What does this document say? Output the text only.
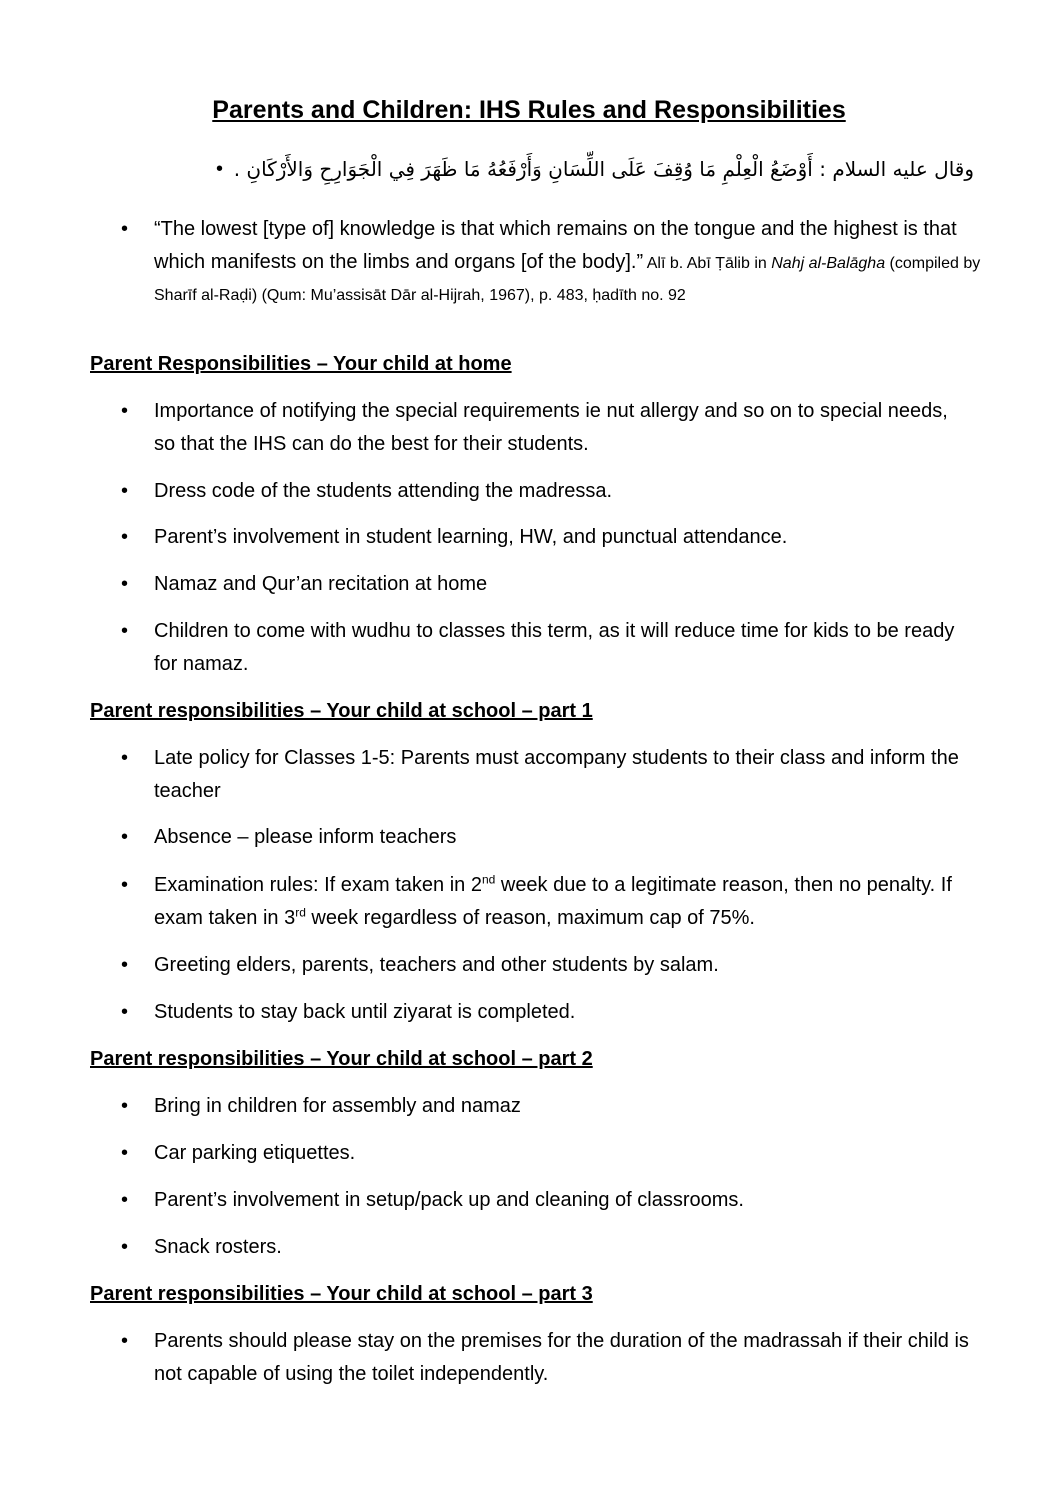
Parents and Children: IHS Rules and Responsibilities
• وقال عليه السلام : أَوْضَعُ الْعِلْمِ مَا وُقِفَ عَلَى اللِّسَانِ وَأَرْفَعُهُ مَا ظَهَرَ فِي الْجَوَارِحِ وَالأَرْكَانِ .
• “The lowest [type of] knowledge is that which remains on the tongue and the highest is that which manifests on the limbs and organs [of the body].” Alī b. Abī Ṭālib in Nahj al-Balāgha (compiled by Sharīf al-Raḍi) (Qum: Mu’assisāt Dār al-Hijrah, 1967), p. 483, ḥadīth no. 92
Parent Responsibilities – Your child at home
• Importance of notifying the special requirements ie nut allergy and so on to special needs, so that the IHS can do the best for their students.
• Dress code of the students attending the madressa.
• Parent’s involvement in student learning, HW, and punctual attendance.
• Namaz and Qur’an recitation at home
• Children to come with wudhu to classes this term, as it will reduce time for kids to be ready for namaz.
Parent responsibilities – Your child at school – part 1
• Late policy for Classes 1-5: Parents must accompany students to their class and inform the teacher
• Absence – please inform teachers
• Examination rules: If exam taken in 2nd week due to a legitimate reason, then no penalty. If exam taken in 3rd week regardless of reason, maximum cap of 75%.
• Greeting elders, parents, teachers and other students by salam.
• Students to stay back until ziyarat is completed.
Parent responsibilities – Your child at school – part 2
• Bring in children for assembly and namaz
• Car parking etiquettes.
• Parent’s involvement in setup/pack up and cleaning of classrooms.
• Snack rosters.
Parent responsibilities – Your child at school – part 3
• Parents should please stay on the premises for the duration of the madrassah if their child is not capable of using the toilet independently.
